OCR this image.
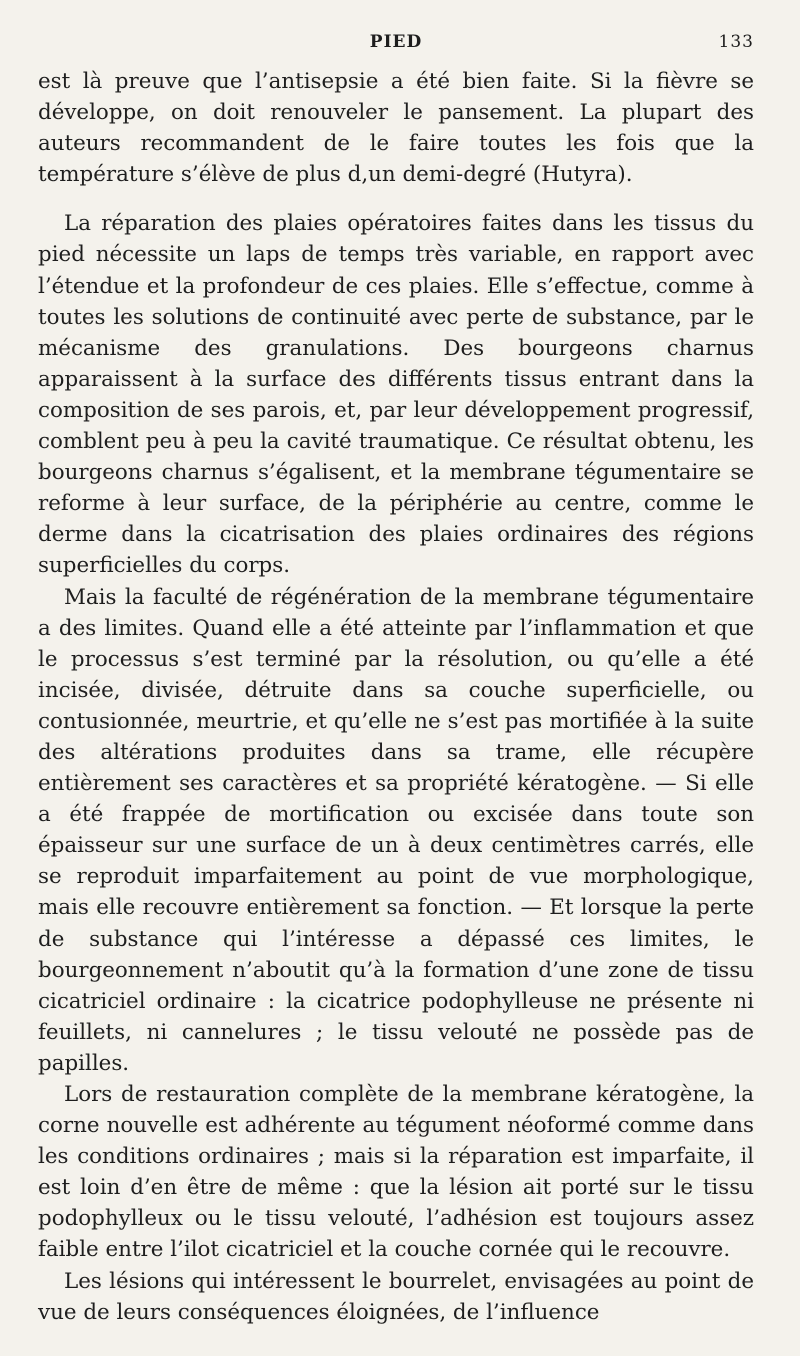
PIED	133

est là preuve que l’antisepsie a été bien faite. Si la fièvre se développe, on doit renouveler le pansement. La plupart des auteurs recommandent de le faire toutes les fois que la température s’élève de plus d,un demi-degré (Hutyra).

La réparation des plaies opératoires faites dans les tissus du pied nécessite un laps de temps très variable, en rapport avec l’étendue et la profondeur de ces plaies. Elle s’effectue, comme à toutes les solutions de continuité avec perte de substance, par le mécanisme des granulations. Des bourgeons charnus apparaissent à la surface des différents tissus entrant dans la composition de ses parois, et, par leur développement progressif, comblent peu à peu la cavité traumatique. Ce résultat obtenu, les bourgeons charnus s’égalisent, et la membrane tégumentaire se reforme à leur surface, de la périphérie au centre, comme le derme dans la cicatrisation des plaies ordinaires des régions superficielles du corps.

Mais la faculté de régénération de la membrane tégumentaire a des limites. Quand elle a été atteinte par l’inflammation et que le processus s’est terminé par la résolution, ou qu’elle a été incisée, divisée, détruite dans sa couche superficielle, ou contusionnée, meurtrie, et qu’elle ne s’est pas mortifiée à la suite des altérations produites dans sa trame, elle récupère entièrement ses caractères et sa propriété kératogène. — Si elle a été frappée de mortification ou excisée dans toute son épaisseur sur une surface de un à deux centimètres carrés, elle se reproduit imparfaitement au point de vue morphologique, mais elle recouvre entièrement sa fonction. — Et lorsque la perte de substance qui l’intéresse a dépassé ces limites, le bourgeonnement n’aboutit qu’à la formation d’une zone de tissu cicatriciel ordinaire : la cicatrice podophylleuse ne présente ni feuillets, ni cannelures ; le tissu velouté ne possède pas de papilles.

Lors de restauration complète de la membrane kératogène, la corne nouvelle est adhérente au tégument néoformé comme dans les conditions ordinaires ; mais si la réparation est imparfaite, il est loin d’en être de même : que la lésion ait porté sur le tissu podophylleux ou le tissu velouté, l’adhésion est toujours assez faible entre l’ilot cicatriciel et la couche cornée qui le recouvre.

Les lésions qui intéressent le bourrelet, envisagées au point de vue de leurs conséquences éloignées, de l’influence
